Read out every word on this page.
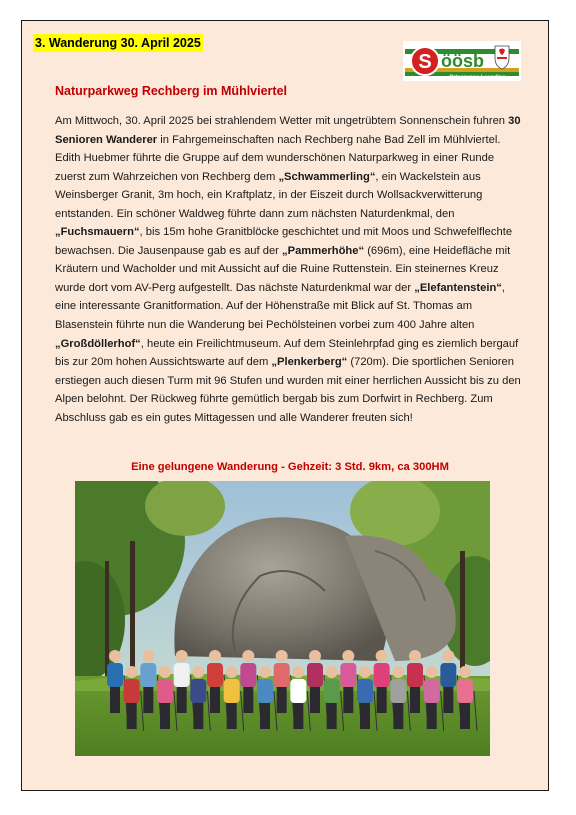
3. Wanderung 30. April 2025
S öösb
Ortsgruppe Leonding
Naturparkweg Rechberg im Mühlviertel
Am Mittwoch, 30. April 2025 bei strahlendem Wetter mit ungetrübtem Sonnenschein fuhren 30 Senioren Wanderer in Fahrgemeinschaften nach Rechberg nahe Bad Zell im Mühlviertel. Edith Huebmer führte die Gruppe auf dem wunderschönen Naturparkweg in einer Runde zuerst zum Wahrzeichen von Rechberg dem „Schwammerling“, ein Wackelstein aus Weinsberger Granit, 3m hoch, ein Kraftplatz, in der Eiszeit durch Wollsackverwitterung entstanden. Ein schöner Waldweg führte dann zum nächsten Naturdenkmal, den „Fuchsmauern“, bis 15m hohe Granitblöcke geschichtet und mit Moos und Schwefelflechte bewachsen. Die Jausenpause gab es auf der „Pammerhöhe“ (696m), eine Heidefläche mit Kräutern und Wacholder und mit Aussicht auf die Ruine Ruttenstein. Ein steinernes Kreuz wurde dort vom AV-Perg aufgestellt. Das nächste Naturdenkmal war der „Elefantenstein“, eine interessante Granitformation. Auf der Höhenstraße mit Blick auf St. Thomas am Blasenstein führte nun die Wanderung bei Pechölsteinen vorbei zum 400 Jahre alten „Großdöllerhof“, heute ein Freilichtmuseum. Auf dem Steinlehrpfad ging es ziemlich bergauf bis zur 20m hohen Aussichtswarte auf dem „Plenkerberg“ (720m). Die sportlichen Senioren erstiegen auch diesen Turm mit 96 Stufen und wurden mit einer herrlichen Aussicht bis zu den Alpen belohnt. Der Rückweg führte gemütlich bergab bis zum Dorfwirt in Rechberg. Zum Abschluss gab es ein gutes Mittagessen und alle Wanderer freuten sich!
Eine gelungene Wanderung - Gehzeit: 3 Std. 9km, ca 300HM
